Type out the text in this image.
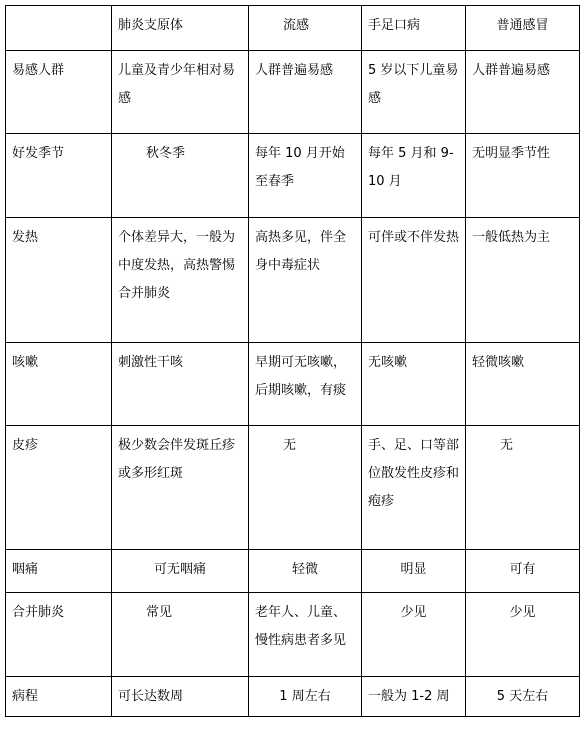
	肺炎支原体	流感	手足口病	普通感冒

易感人群	儿童及青少年相对易感	人群普遍易感	5 岁以下儿童易感	人群普遍易感

好发季节	秋冬季	每年 10 月开始至春季	每年 5 月和 9-10 月	无明显季节性

发热	个体差异大，一般为中度发热，高热警惕合并肺炎	高热多见，伴全身中毒症状	可伴或不伴发热	一般低热为主

咳嗽	刺激性干咳	早期可无咳嗽，后期咳嗽，有痰	无咳嗽	轻微咳嗽

皮疹	极少数会伴发斑丘疹或多形红斑	无	手、足、口等部位散发性皮疹和疱疹	无

咽痛	可无咽痛	轻微	明显	可有

合并肺炎	常见	老年人、儿童、慢性病患者多见	少见	少见

病程	可长达数周	1 周左右	一般为 1-2 周	5 天左右
